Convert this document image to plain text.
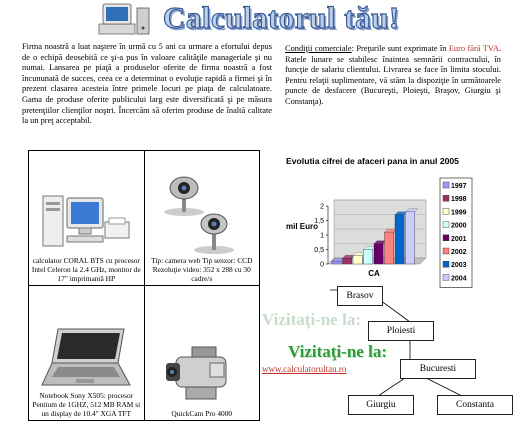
Calculatorul tău!
Firma noastră a luat naştere în urmă cu 5 ani ca urmare a efortului depus de o echipă deosebită ce şi-a pus în valoare calităţile manageriale şi nu numai. Lansarea pe piaţă a produselor oferite de firma noastră a fost încununată de succes, ceea ce a determinat o evoluţie rapidă a firmei şi în prezent clasarea acesteia între primele locuri pe piaţa de calculatoare. Gama de produse oferite publicului larg este diversificată şi pe măsura pretenţiilor clienţilor noştri. Încercăm să oferim produse de înaltă calitate la un preţ acceptabil.
Condiţii comerciale: Preţurile sunt exprimate în Euro fără TVA. Ratele lunare se stabilesc înaintea semnării contractului, în funcţie de salariu clientului. Livrarea se face în limita stocului. Pentru relaţii suplimentare, vă stăm la dispoziţie în următoarele puncte de desfacere (Bucureşti, Ploieşti, Braşov, Giurgiu şi Constanţa).
calculator CORAL BTS cu procesor Intel Celeron la 2.4 GHz, monitor de 17" imprimantă HP	Tip: camera web Tip senzor: CCD Rezoluţie video: 352 x 288 cu 30 cadre/s

Notebook Sony X505: procesor Pentium de 1GHZ, 512 MB RAM si un display de 10.4" XGA TFT	QuickCam Pro 4000
Evolutia cifrei de afaceri pana in anul 2005
0
0,5
1
1,5
2
mil Euro
CA
1997
1998
1999
2000
2001
2002
2003
2004
Vizitaţi-ne la:
Vizitaţi-ne la:
www.calculatorultau.ro
Brasov
Ploiesti
Bucuresti
Giurgiu	Constanta
